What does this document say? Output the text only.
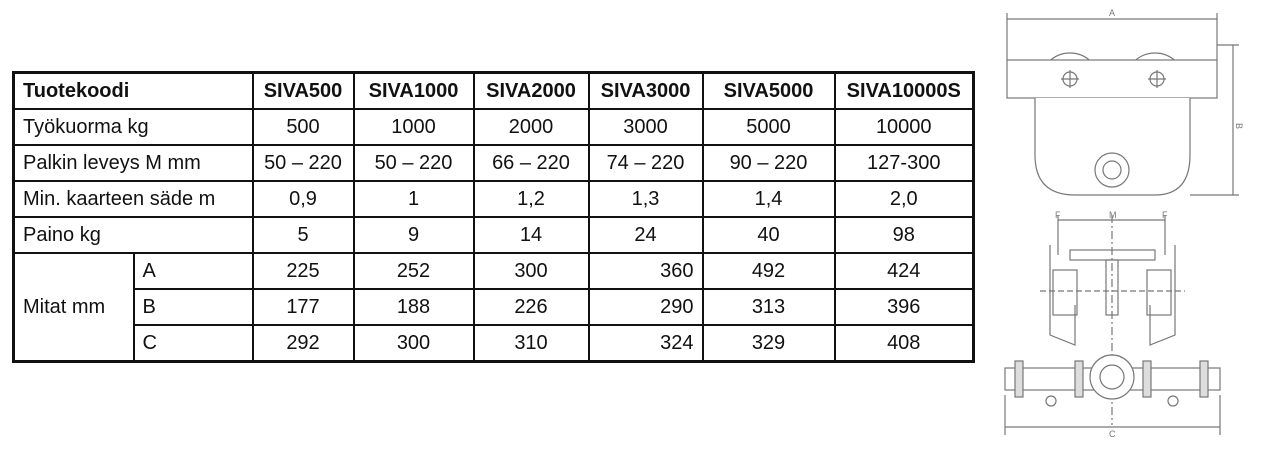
Tuotekoodi		SIVA500	SIVA1000	SIVA2000	SIVA3000	SIVA5000	SIVA10000S
Työkuorma kg		500	1000	2000	3000	5000	10000
Palkin leveys M mm		50 – 220	50 – 220	66 – 220	74 – 220	90 – 220	127-300
Min. kaarteen säde m		0,9	1	1,2	1,3	1,4	2,0
Paino kg		5	9	14	24	40	98
Mitat mm	A	225	252	300	360	492	424
	B	177	188	226	290	313	396
	C	292	300	310	324	329	408
A
B
M
F	F
C
